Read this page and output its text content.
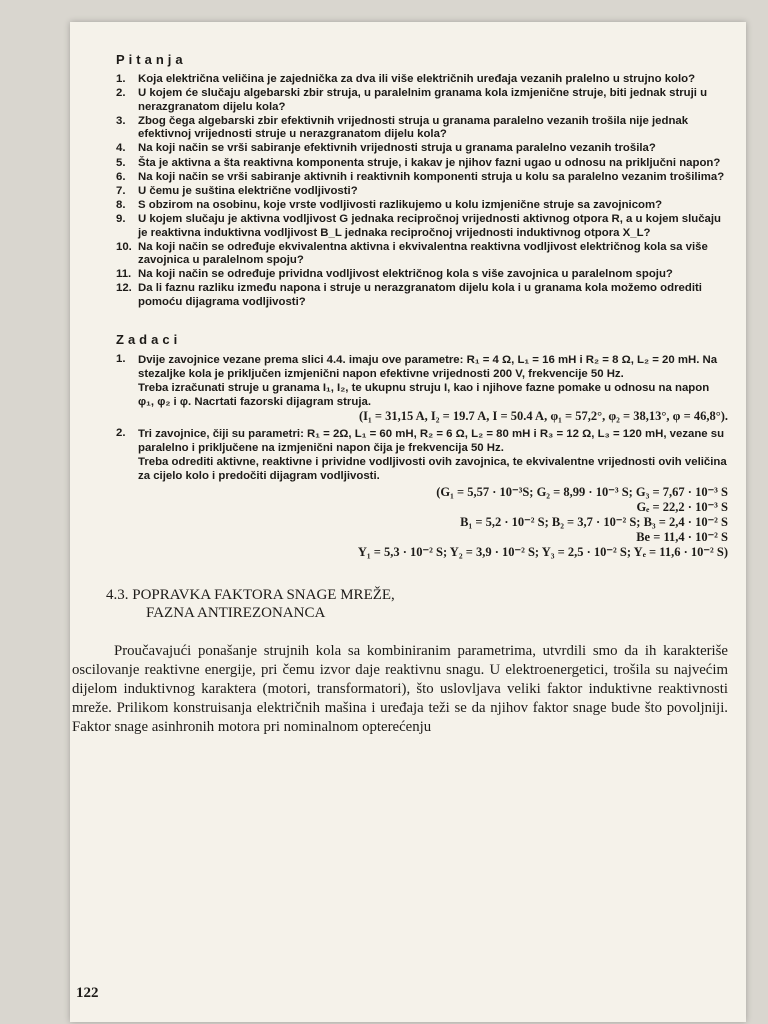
Pitanja
1. Koja električna veličina je zajednička za dva ili više električnih uređaja vezanih pralelno u strujno kolo?
2. U kojem će slučaju algebarski zbir struja, u paralelnim granama kola izmjenične struje, biti jednak struji u nerazgranatom dijelu kola?
3. Zbog čega algebarski zbir efektivnih vrijednosti struja u granama paralelno vezanih trošila nije jednak efektivnoj vrijednosti struje u nerazgranatom dijelu kola?
4. Na koji način se vrši sabiranje efektivnih vrijednosti struja u granama paralelno vezanih trošila?
5. Šta je aktivna a šta reaktivna komponenta struje, i kakav je njihov fazni ugao u odnosu na priključni napon?
6. Na koji način se vrši sabiranje aktivnih i reaktivnih komponenti struja u kolu sa paralelno vezanim trošilima?
7. U čemu je suština električne vodljivosti?
8. S obzirom na osobinu, koje vrste vodljivosti razlikujemo u kolu izmjenične struje sa zavojnicom?
9. U kojem slučaju je aktivna vodljivost G jednaka recipročnoj vrijednosti aktivnog otpora R, a u kojem slučaju je reaktivna induktivna vodljivost B_L jednaka recipročnoj vrijednosti induktivnog otpora X_L?
10. Na koji način se određuje ekvivalentna aktivna i ekvivalentna reaktivna vodljivost električnog kola sa više zavojnica u paralelnom spoju?
11. Na koji način se određuje prividna vodljivost električnog kola s više zavojnica u paralelnom spoju?
12. Da li faznu razliku između napona i struje u nerazgranatom dijelu kola i u granama kola možemo odrediti pomoću dijagrama vodljivosti?
Zadaci
1. Dvije zavojnice vezane prema slici 4.4. imaju ove parametre: R₁ = 4 Ω, L₁ = 16 mH i R₂ = 8 Ω, L₂ = 20 mH. Na stezaljke kola je priključen izmjenični napon efektivne vrijednosti 200 V, frekvencije 50 Hz.
Treba izračunati struje u granama I₁, I₂, te ukupnu struju I, kao i njihove fazne pomake u odnosu na napon φ₁, φ₂ i φ. Nacrtati fazorski dijagram struja.
(I₁ = 31,15 A, I₂ = 19.7 A, I = 50.4 A, φ₁ = 57,2°, φ₂ = 38,13°, φ = 46,8°).
2. Tri zavojnice, čiji su parametri: R₁ = 2Ω, L₁ = 60 mH, R₂ = 6 Ω, L₂ = 80 mH i R₃ = 12 Ω, L₃ = 120 mH, vezane su paralelno i priključene na izmjenični napon čija je frekvencija 50 Hz.
Treba odrediti aktivne, reaktivne i prividne vodljivosti ovih zavojnica, te ekvivalentne vrijednosti ovih veličina za cijelo kolo i predočiti dijagram vodljivosti.
(G₁ = 5,57 · 10⁻³S; G₂ = 8,99 · 10⁻³ S; G₃ = 7,67 · 10⁻³ S
Gₑ = 22,2 · 10⁻³ S
B₁ = 5,2 · 10⁻² S; B₂ = 3,7 · 10⁻² S; B₃ = 2,4 · 10⁻² S
Be = 11,4 · 10⁻² S
Y₁ = 5,3 · 10⁻² S; Y₂ = 3,9 · 10⁻² S; Y₃ = 2,5 · 10⁻² S; Yₑ = 11,6 · 10⁻² S)
4.3. POPRAVKA FAKTORA SNAGE MREŽE,
FAZNA ANTIREZONANCA
Proučavajući ponašanje strujnih kola sa kombiniranim parametrima, utvrdili smo da ih karakteriše oscilovanje reaktivne energije, pri čemu izvor daje reaktivnu snagu. U elektroenergetici, trošila su najvećim dijelom induktivnog karaktera (motori, transformatori), što uslovljava veliki faktor induktivne reaktivnosti mreže. Prilikom konstruisanja električnih mašina i uređaja teži se da njihov faktor snage bude što povoljniji. Faktor snage asinhronih motora pri nominalnom opterećenju
122
